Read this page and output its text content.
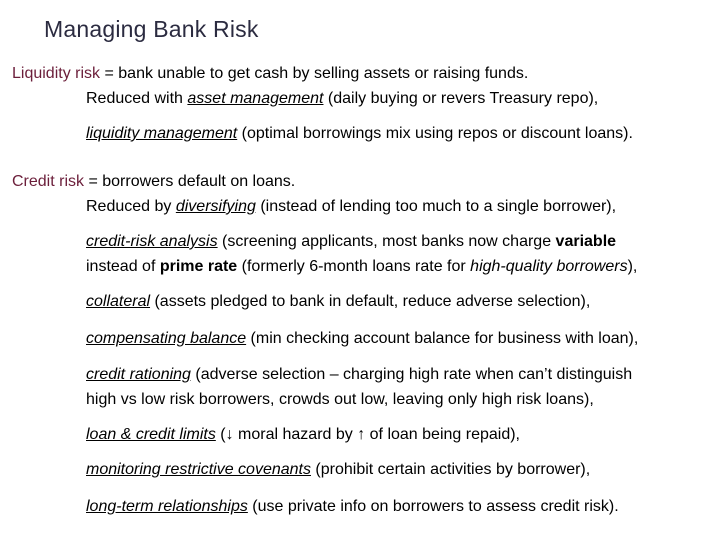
Managing Bank Risk
Liquidity risk = bank unable to get cash by selling assets or raising funds.
Reduced with asset management (daily buying or revers Treasury repo),
liquidity management (optimal borrowings mix using repos or discount loans).
Credit risk = borrowers default on loans.
Reduced by diversifying (instead of lending too much to a single borrower),
credit-risk analysis (screening applicants, most banks now charge variable
instead of prime rate (formerly 6-month loans rate for high-quality borrowers),
collateral (assets pledged to bank in default, reduce adverse selection),
compensating balance (min checking account balance for business with loan),
credit rationing (adverse selection – charging high rate when can’t distinguish
high vs low risk borrowers, crowds out low, leaving only high risk loans),
loan & credit limits (↓ moral hazard by ↑ of loan being repaid),
monitoring restrictive covenants (prohibit certain activities by borrower),
long-term relationships (use private info on borrowers to assess credit risk).
